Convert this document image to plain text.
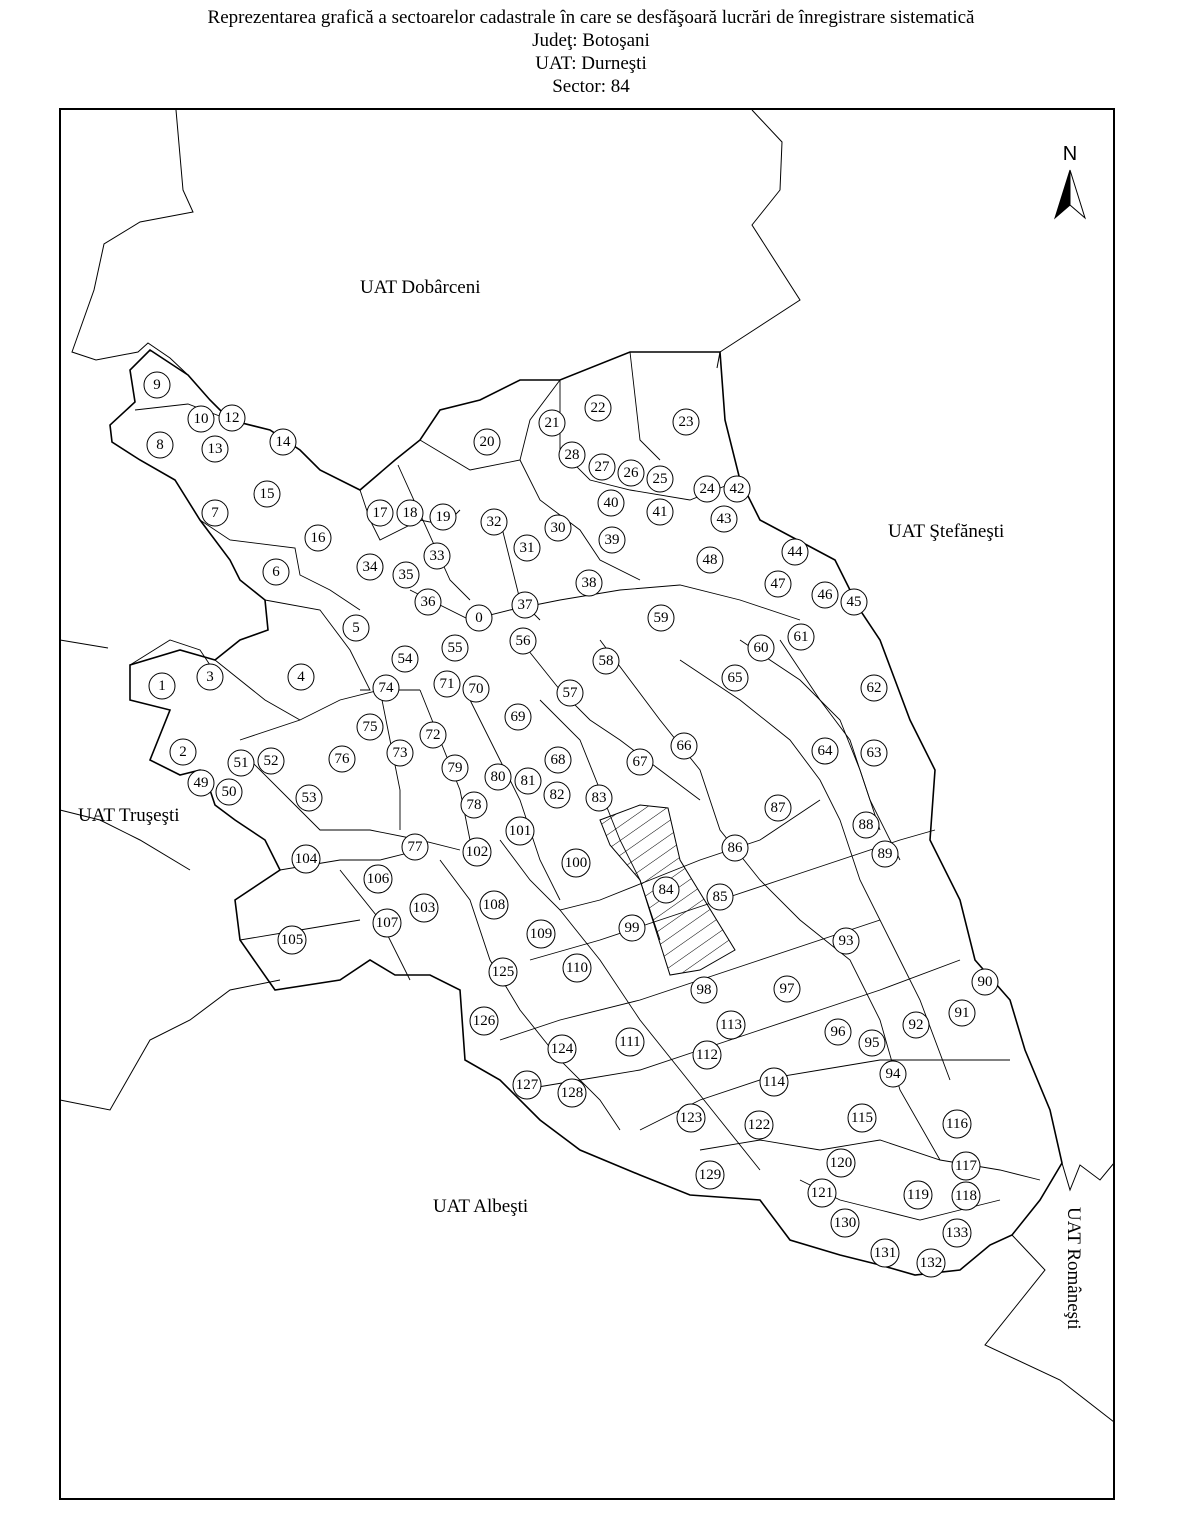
Reprezentarea grafică a sectoarelor cadastrale în care se desfăşoară lucrări de înregistrare sistematică
Judeţ: Botoşani
UAT: Durneşti
Sector: 84
N
UAT Dobârceni
UAT Ştefăneşti
UAT Truşeşti
UAT Albeşti
UAT Româneşti
0
1
2
3	4
5
6
7
8
9
10 12
13	14
15
16
17 18 19
20
21
22
23
24
25
26
27
28
30
31
32
33
34 35
36	37
38
39
40
41
42
43
44
45
46
47
48
49
50
51 52
53
54
55	56
57
58
59
60
61
62
63
64
65
66
67
68
69
70
71
72
73
74
75
76
77
78
79
80 81
82 83
84	85
86
87
88
89
90
91
92
93
94
95
96
97
98
99
100
101
102
103
104
105
106
107
108
109
110
111
112
113
114
115	116
117
118
119
120
121
122
123
124
125
126
127 128
129
130
131
132
133
